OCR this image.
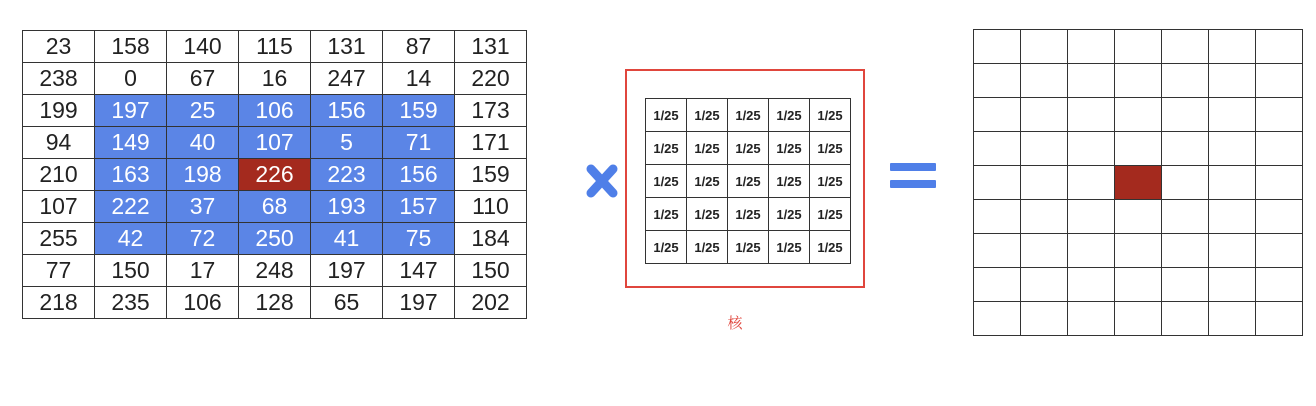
23	158	140	115	131	87	131
238	0	67	16	247	14	220
199	197	25	106	156	159	173
94	149	40	107	5	71	171
210	163	198	226	223	156	159
107	222	37	68	193	157	110
255	42	72	250	41	75	184
77	150	17	248	197	147	150
218	235	106	128	65	197	202
1/25	1/25	1/25	1/25	1/25
1/25	1/25	1/25	1/25	1/25
1/25	1/25	1/25	1/25	1/25
1/25	1/25	1/25	1/25	1/25
1/25	1/25	1/25	1/25	1/25
核
